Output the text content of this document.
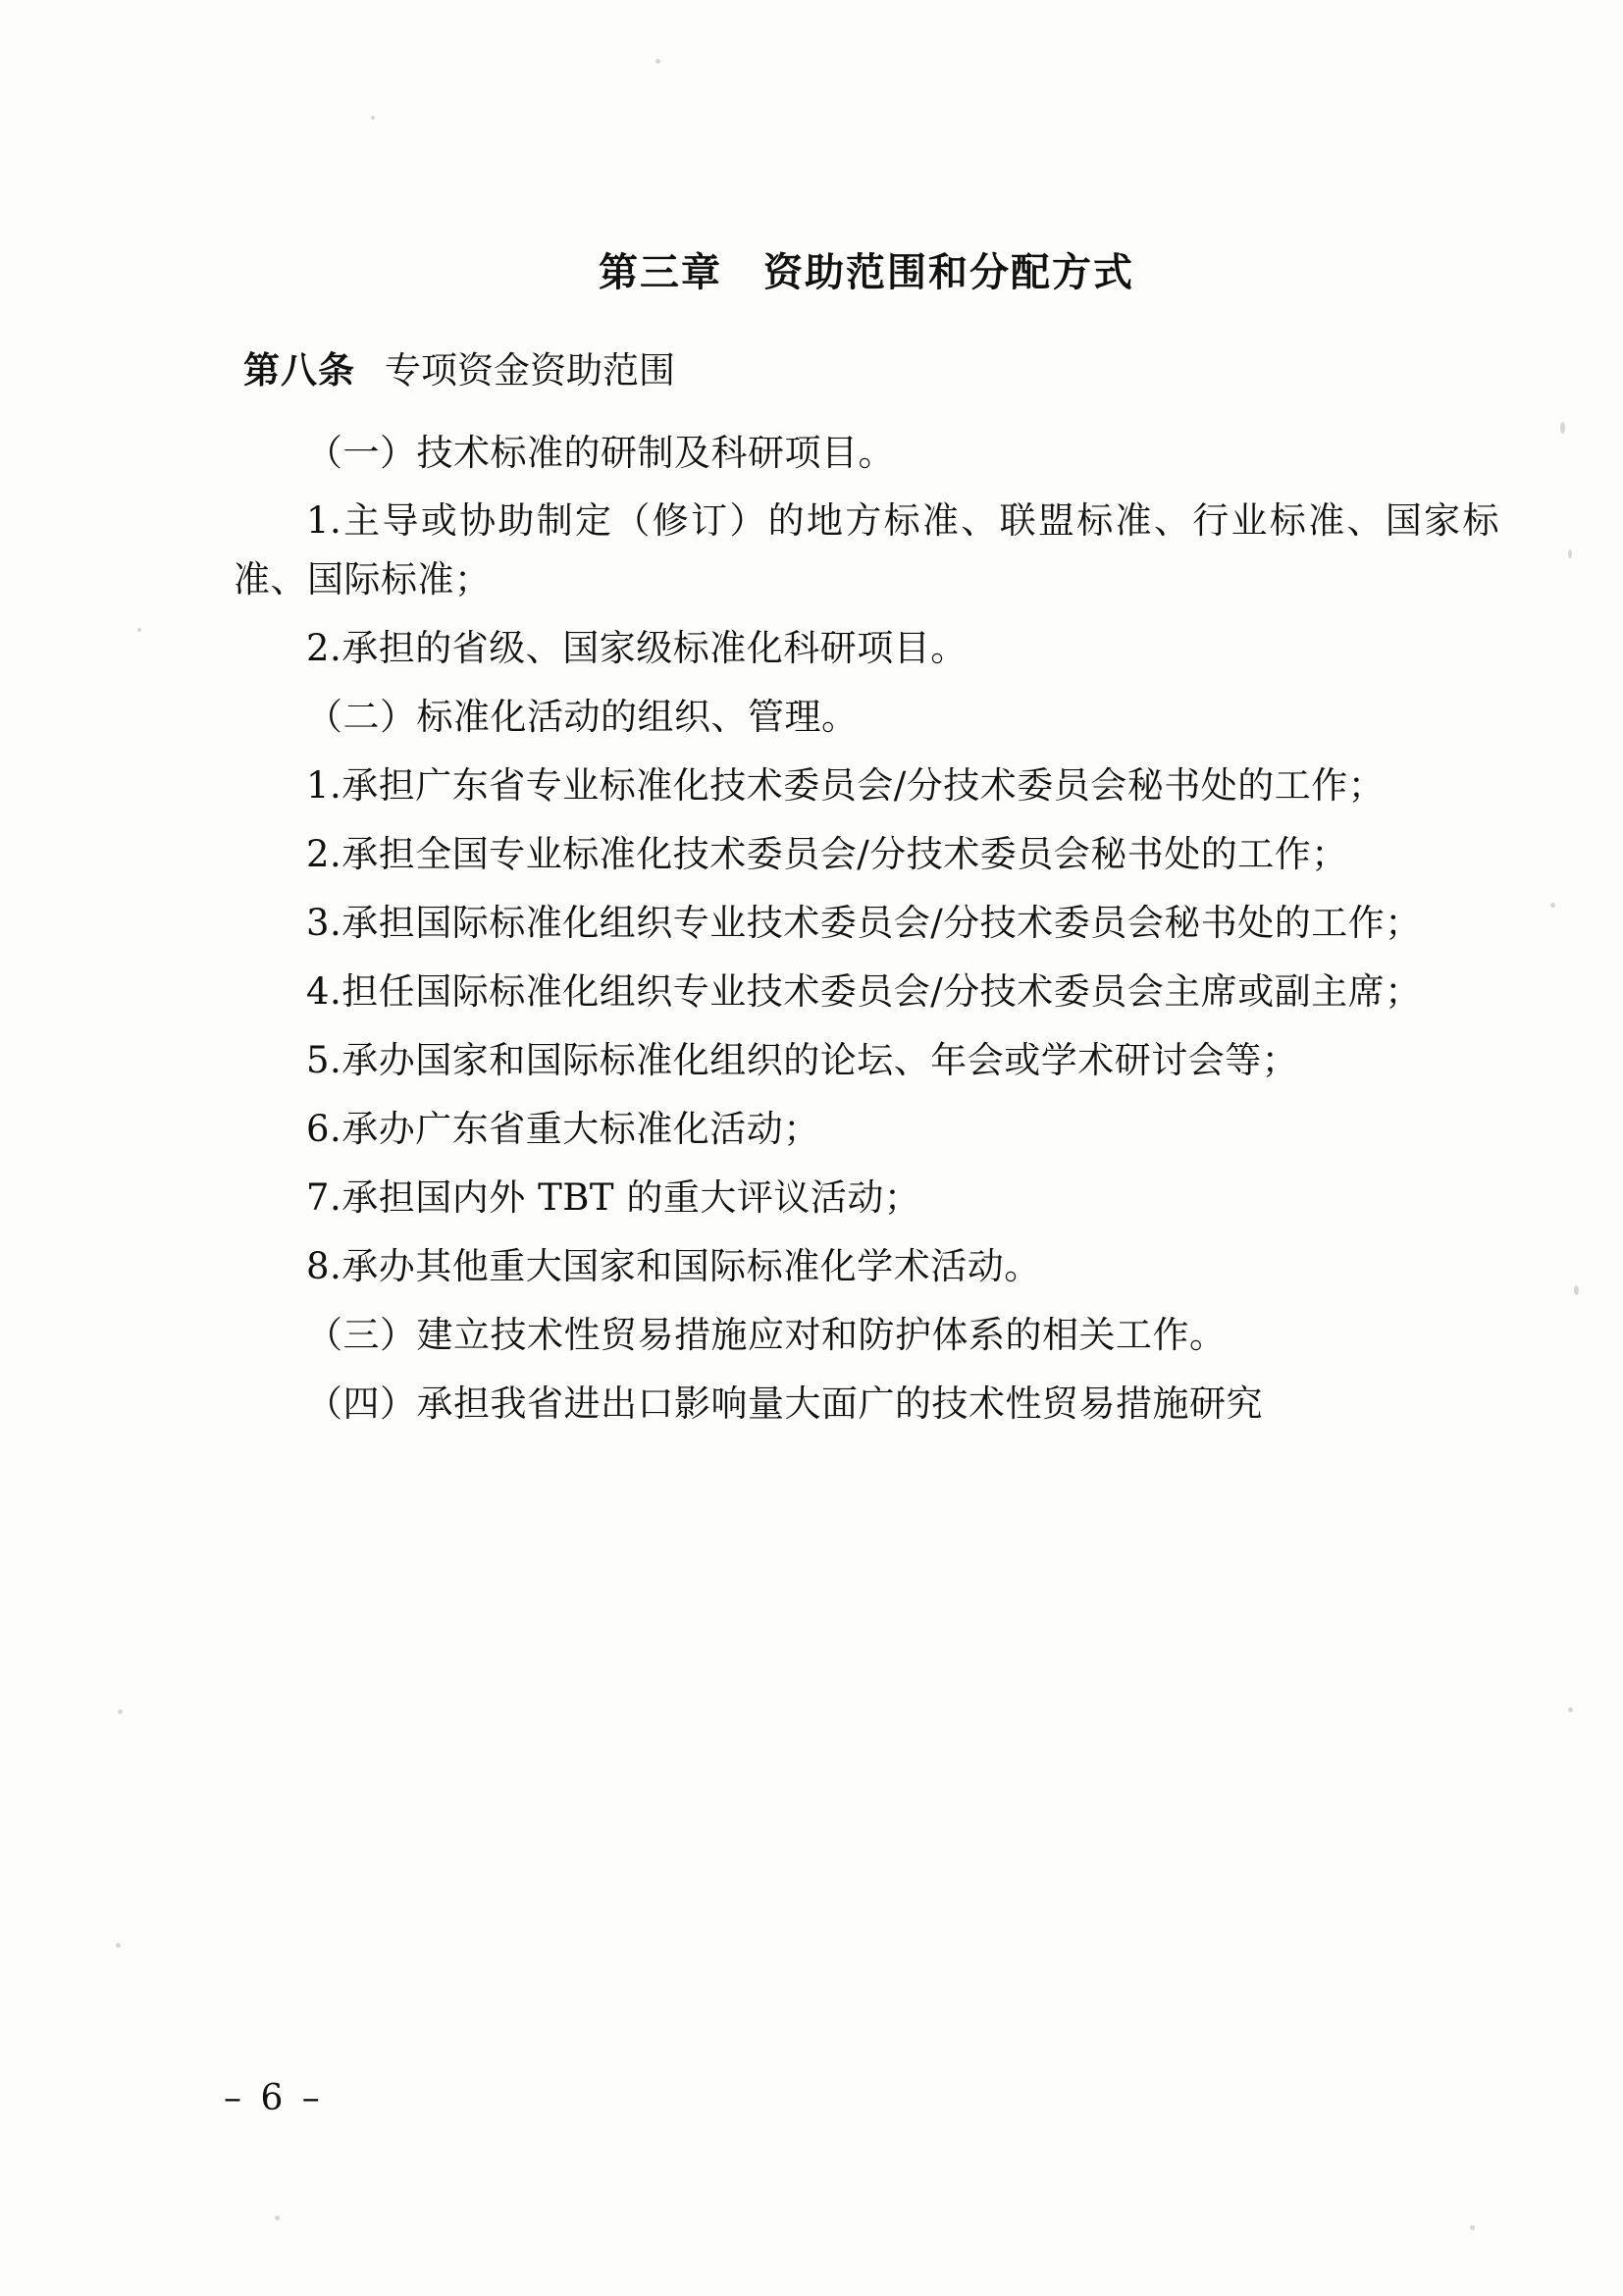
第三章 资助范围和分配方式
第八条 专项资金资助范围

（一）技术标准的研制及科研项目。

1.主导或协助制定（修订）的地方标准、联盟标准、行业标准、国家标准、国际标准；

2.承担的省级、国家级标准化科研项目。

（二）标准化活动的组织、管理。

1.承担广东省专业标准化技术委员会/分技术委员会秘书处的工作；

2.承担全国专业标准化技术委员会/分技术委员会秘书处的工作；

3.承担国际标准化组织专业技术委员会/分技术委员会秘书处的工作；

4.担任国际标准化组织专业技术委员会/分技术委员会主席或副主席；

5.承办国家和国际标准化组织的论坛、年会或学术研讨会等；

6.承办广东省重大标准化活动；

7.承担国内外 TBT 的重大评议活动；

8.承办其他重大国家和国际标准化学术活动。

（三）建立技术性贸易措施应对和防护体系的相关工作。

（四）承担我省进出口影响量大面广的技术性贸易措施研究

– 6 –
